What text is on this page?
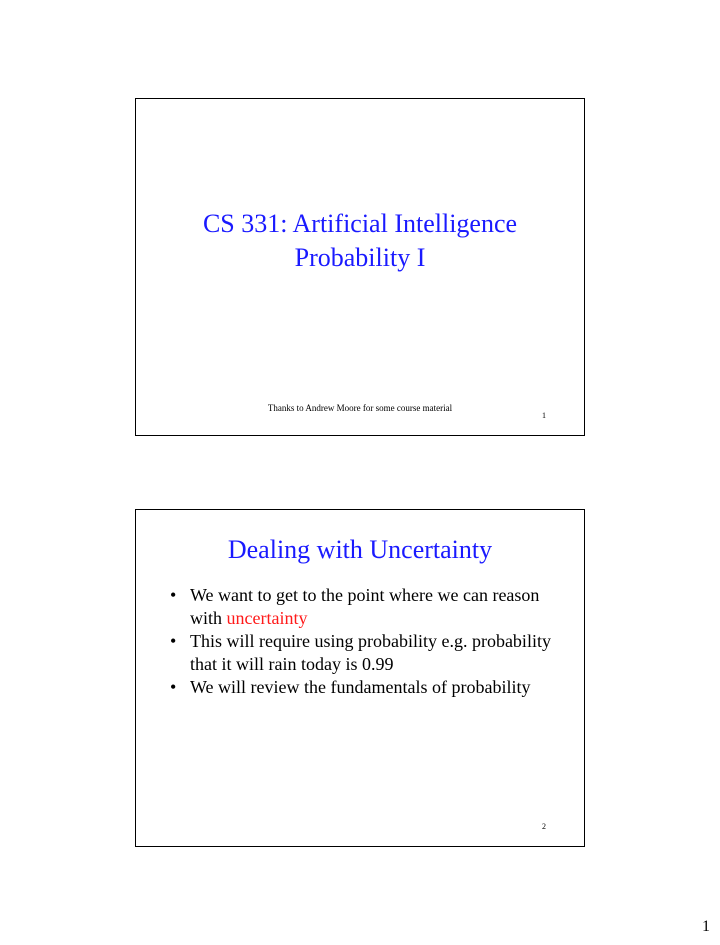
CS 331: Artificial Intelligence
Probability I
Thanks to Andrew Moore for some course material
1
Dealing with Uncertainty
• We want to get to the point where we can reason with uncertainty
• This will require using probability e.g. probability that it will rain today is 0.99
• We will review the fundamentals of probability
2
1
